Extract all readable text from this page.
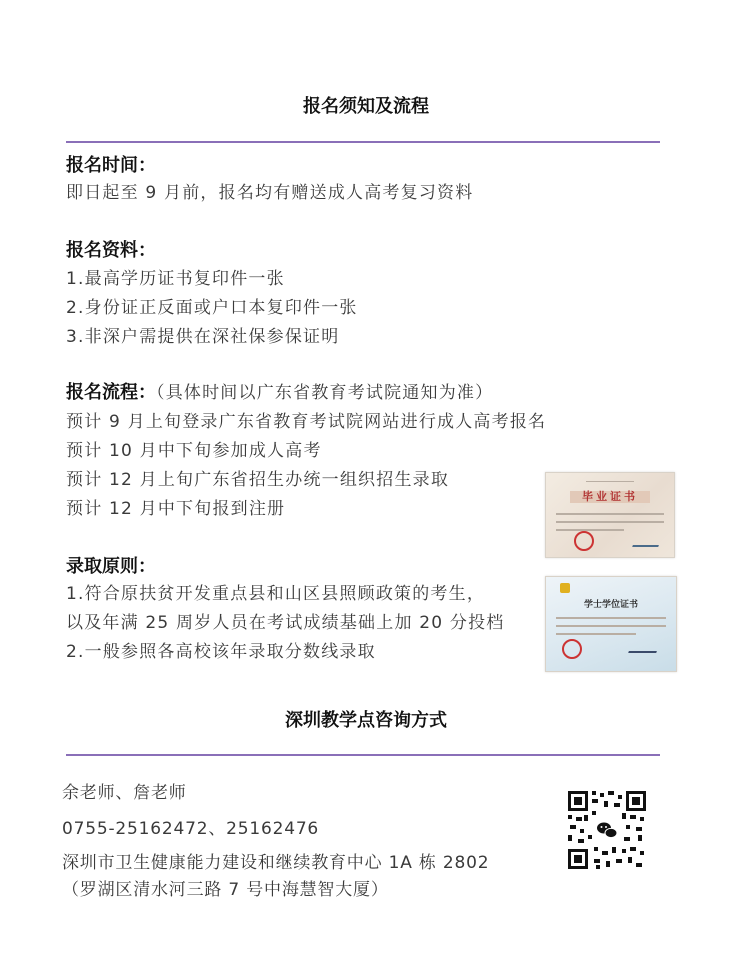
报名须知及流程
报名时间：
即日起至 9 月前，报名均有赠送成人高考复习资料
报名资料：
1.最高学历证书复印件一张
2.身份证正反面或户口本复印件一张
3.非深户需提供在深社保参保证明
报名流程：（具体时间以广东省教育考试院通知为准）
预计 9 月上旬登录广东省教育考试院网站进行成人高考报名
预计 10 月中下旬参加成人高考
预计 12 月上旬广东省招生办统一组织招生录取
预计 12 月中下旬报到注册
录取原则：
1.符合原扶贫开发重点县和山区县照顾政策的考生，
以及年满 25 周岁人员在考试成绩基础上加 20 分投档
2.一般参照各高校该年录取分数线录取
毕业证书
学士学位证书
深圳教学点咨询方式
余老师、詹老师
0755-25162472、25162476
深圳市卫生健康能力建设和继续教育中心 1A 栋 2802
（罗湖区清水河三路 7 号中海慧智大厦）
